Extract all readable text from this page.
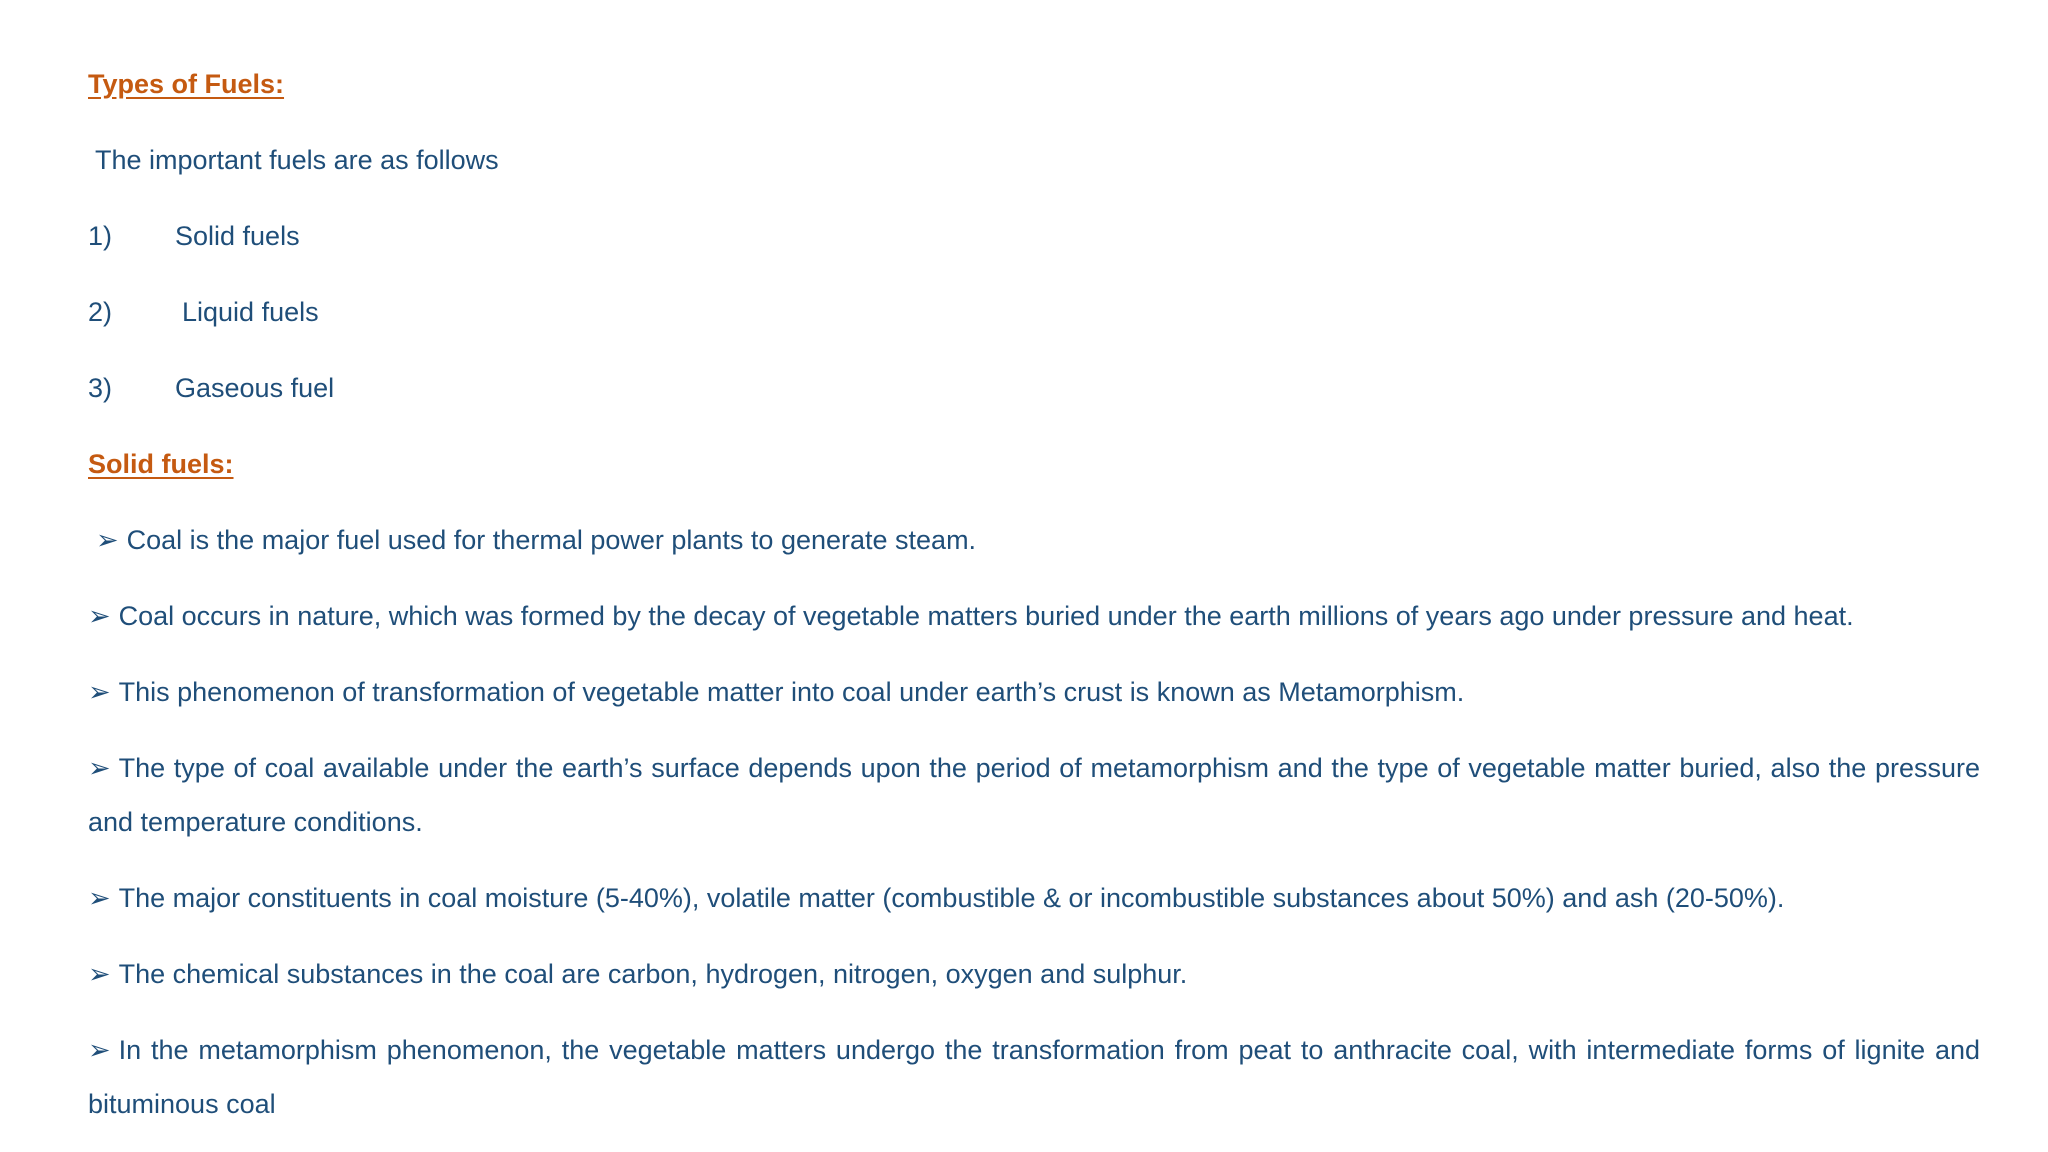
Types of Fuels:
The important fuels are as follows
1)	Solid fuels
2)	Liquid fuels
3)	Gaseous fuel
Solid fuels:
➢ Coal is the major fuel used for thermal power plants to generate steam.
➢ Coal occurs in nature, which was formed by the decay of vegetable matters buried under the earth millions of years ago under pressure and heat.
➢ This phenomenon of transformation of vegetable matter into coal under earth’s crust is known as Metamorphism.
➢ The type of coal available under the earth’s surface depends upon the period of metamorphism and the type of vegetable matter buried, also the pressure and temperature conditions.
➢ The major constituents in coal moisture (5-40%), volatile matter (combustible & or incombustible substances about 50%) and ash (20-50%).
➢ The chemical substances in the coal are carbon, hydrogen, nitrogen, oxygen and sulphur.
➢ In the metamorphism phenomenon, the vegetable matters undergo the transformation from peat to anthracite coal, with intermediate forms of lignite and bituminous coal
